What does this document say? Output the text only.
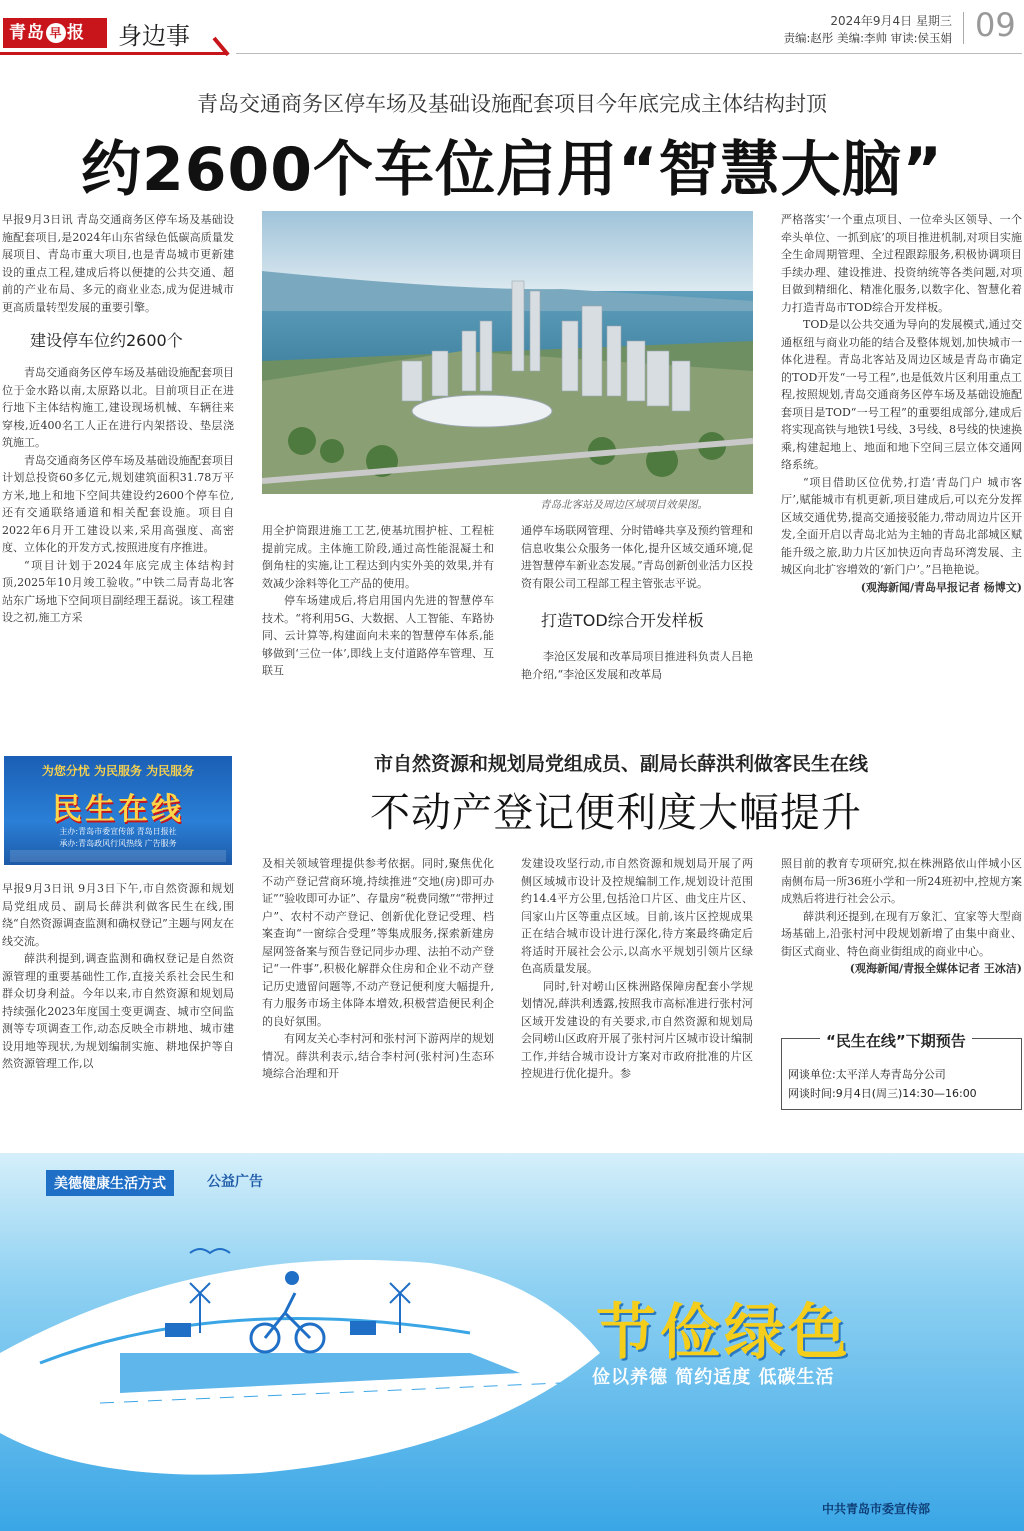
青岛 早 报	身边事
2024年9月4日 星期三
责编:赵彤 美编:李帅 审读:侯玉娟 09
青岛交通商务区停车场及基础设施配套项目今年底完成主体结构封顶
约2600个车位启用“智慧大脑”

早报9月3日讯 青岛交通商务区停车场及基础设施配套项目,是2024年山东省绿色低碳高质量发展项目、青岛市重大项目,也是青岛城市更新建设的重点工程,建成后将以便捷的公共交通、超前的产业布局、多元的商业业态,成为促进城市更高质量转型发展的重要引擎。

建设停车位约2600个

青岛交通商务区停车场及基础设施配套项目位于金水路以南,太原路以北。目前项目正在进行地下主体结构施工,建设现场机械、车辆往来穿梭,近400名工人正在进行内架搭设、垫层浇筑施工。

青岛交通商务区停车场及基础设施配套项目计划总投资60多亿元,规划建筑面积31.78万平方米,地上和地下空间共建设约2600个停车位,还有交通联络通道和相关配套设施。项目自2022年6月开工建设以来,采用高强度、高密度、立体化的开发方式,按照进度有序推进。

“项目计划于2024年底完成主体结构封顶,2025年10月竣工验收。”中铁二局青岛北客站东广场地下空间项目副经理王磊说。该工程建设之初,施工方采

青岛北客站及周边区域项目效果图。

用全护筒跟进施工工艺,使基坑围护桩、工程桩提前完成。主体施工阶段,通过高性能混凝土和倒角柱的实施,让工程达到内实外美的效果,并有效减少涂料等化工产品的使用。

停车场建成后,将启用国内先进的智慧停车技术。“将利用5G、大数据、人工智能、车路协同、云计算等,构建面向未来的智慧停车体系,能够做到‘三位一体’,即线上支付道路停车管理、互联互

通停车场联网管理、分时错峰共享及预约管理和信息收集公众服务一体化,提升区域交通环境,促进智慧停车新业态发展。”青岛创新创业活力区投资有限公司工程部工程主管张志平说。

打造TOD综合开发样板

李沧区发展和改革局项目推进科负责人吕艳艳介绍,“李沧区发展和改革局

严格落实‘一个重点项目、一位牵头区领导、一个牵头单位、一抓到底’的项目推进机制,对项目实施全生命周期管理、全过程跟踪服务,积极协调项目手续办理、建设推进、投资纳统等各类问题,对项目做到精细化、精准化服务,以数字化、智慧化着力打造青岛市TOD综合开发样板。

TOD是以公共交通为导向的发展模式,通过交通枢纽与商业功能的结合及整体规划,加快城市一体化进程。青岛北客站及周边区域是青岛市确定的TOD开发“一号工程”,也是低效片区利用重点工程,按照规划,青岛交通商务区停车场及基础设施配套项目是TOD“一号工程”的重要组成部分,建成后将实现高铁与地铁1号线、3号线、8号线的快速换乘,构建起地上、地面和地下空间三层立体交通网络系统。

“项目借助区位优势,打造‘青岛门户 城市客厅’,赋能城市有机更新,项目建成后,可以充分发挥区域交通优势,提高交通接驳能力,带动周边片区开发,全面开启以青岛北站为主轴的青岛北部城区赋能升级之旅,助力片区加快迈向青岛环湾发展、主城区向北扩容增效的‘新门户’。”吕艳艳说。

(观海新闻/青岛早报记者 杨博文)

为您分忧 为民服务 为民服务
民生在线
主办:青岛市委宣传部 青岛日报社
承办:青岛政风行风热线 广告服务
市自然资源和规划局党组成员、副局长薛洪利做客民生在线
不动产登记便利度大幅提升

早报9月3日讯 9月3日下午,市自然资源和规划局党组成员、副局长薛洪利做客民生在线,围绕“自然资源调查监测和确权登记”主题与网友在线交流。

薛洪利提到,调查监测和确权登记是自然资源管理的重要基础性工作,直接关系社会民生和群众切身利益。今年以来,市自然资源和规划局持续强化2023年度国土变更调查、城市空间监测等专项调查工作,动态反映全市耕地、城市建设用地等现状,为规划编制实施、耕地保护等自然资源管理工作,以

及相关领域管理提供参考依据。同时,聚焦优化不动产登记营商环境,持续推进“交地(房)即可办证”“验收即可办证”、存量房“税费同缴”“带押过户”、农村不动产登记、创新优化登记受理、档案查询“一窗综合受理”等集成服务,探索新建房屋网签备案与预告登记同步办理、法拍不动产登记“一件事”,积极化解群众住房和企业不动产登记历史遗留问题等,不动产登记便利度大幅提升,有力服务市场主体降本增效,积极营造便民利企的良好氛围。

有网友关心李村河和张村河下游两岸的规划情况。薛洪利表示,结合李村河(张村河)生态环境综合治理和开

发建设攻坚行动,市自然资源和规划局开展了两侧区域城市设计及控规编制工作,规划设计范围约14.4平方公里,包括沧口片区、曲戈庄片区、闫家山片区等重点区域。目前,该片区控规成果正在结合城市设计进行深化,待方案最终确定后将适时开展社会公示,以高水平规划引领片区绿色高质量发展。

同时,针对崂山区株洲路保障房配套小学规划情况,薛洪利透露,按照我市高标准进行张村河区域开发建设的有关要求,市自然资源和规划局会同崂山区政府开展了张村河片区城市设计编制工作,并结合城市设计方案对市政府批准的片区控规进行优化提升。参

照目前的教育专项研究,拟在株洲路依山伴城小区南侧布局一所36班小学和一所24班初中,控规方案成熟后将进行社会公示。

薛洪利还提到,在现有万象汇、宜家等大型商场基础上,沿张村河中段规划新增了由集中商业、街区式商业、特色商业街组成的商业中心。

(观海新闻/青报全媒体记者 王冰洁)

网谈单位:太平洋人寿青岛分公司
网谈时间:9月4日(周三)14:30—16:00
“民生在线”下期预告
美德健康生活方式	公益广告
节俭绿色
俭以养德 简约适度 低碳生活
中共青岛市委宣传部
